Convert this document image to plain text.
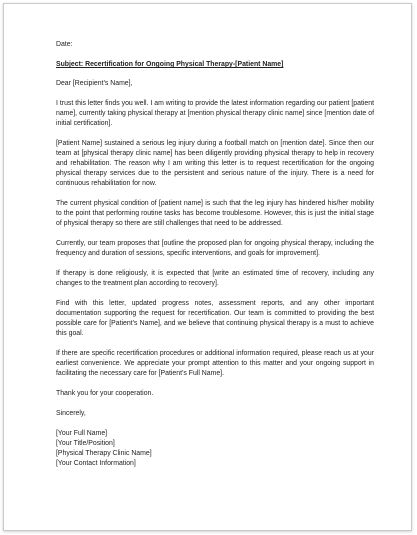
Date:

Subject: Recertification for Ongoing Physical Therapy-[Patient Name]

Dear [Recipient’s Name],

I trust this letter finds you well. I am writing to provide the latest information regarding our patient [patient name], currently taking physical therapy at [mention physical therapy clinic name] since [mention date of initial certification].

[Patient Name] sustained a serious leg injury during a football match on [mention date]. Since then our team at [physical therapy clinic name] has been diligently providing physical therapy to help in recovery and rehabilitation. The reason why I am writing this letter is to request recertification for the ongoing physical therapy services due to the persistent and serious nature of the injury. There is a need for continuous rehabilitation for now.

The current physical condition of [patient name] is such that the leg injury has hindered his/her mobility to the point that performing routine tasks has become troublesome. However, this is just the initial stage of physical therapy so there are still challenges that need to be addressed.

Currently, our team proposes that [outline the proposed plan for ongoing physical therapy, including the frequency and duration of sessions, specific interventions, and goals for improvement].

If therapy is done religiously, it is expected that [write an estimated time of recovery, including any changes to the treatment plan according to recovery].

Find with this letter, updated progress notes, assessment reports, and any other important documentation supporting the request for recertification. Our team is committed to providing the best possible care for [Patient’s Name], and we believe that continuing physical therapy is a must to achieve this goal.

If there are specific recertification procedures or additional information required, please reach us at your earliest convenience. We appreciate your prompt attention to this matter and your ongoing support in facilitating the necessary care for [Patient’s Full Name].

Thank you for your cooperation.

Sincerely,

[Your Full Name]
[Your Title/Position]
[Physical Therapy Clinic Name]
[Your Contact Information]
